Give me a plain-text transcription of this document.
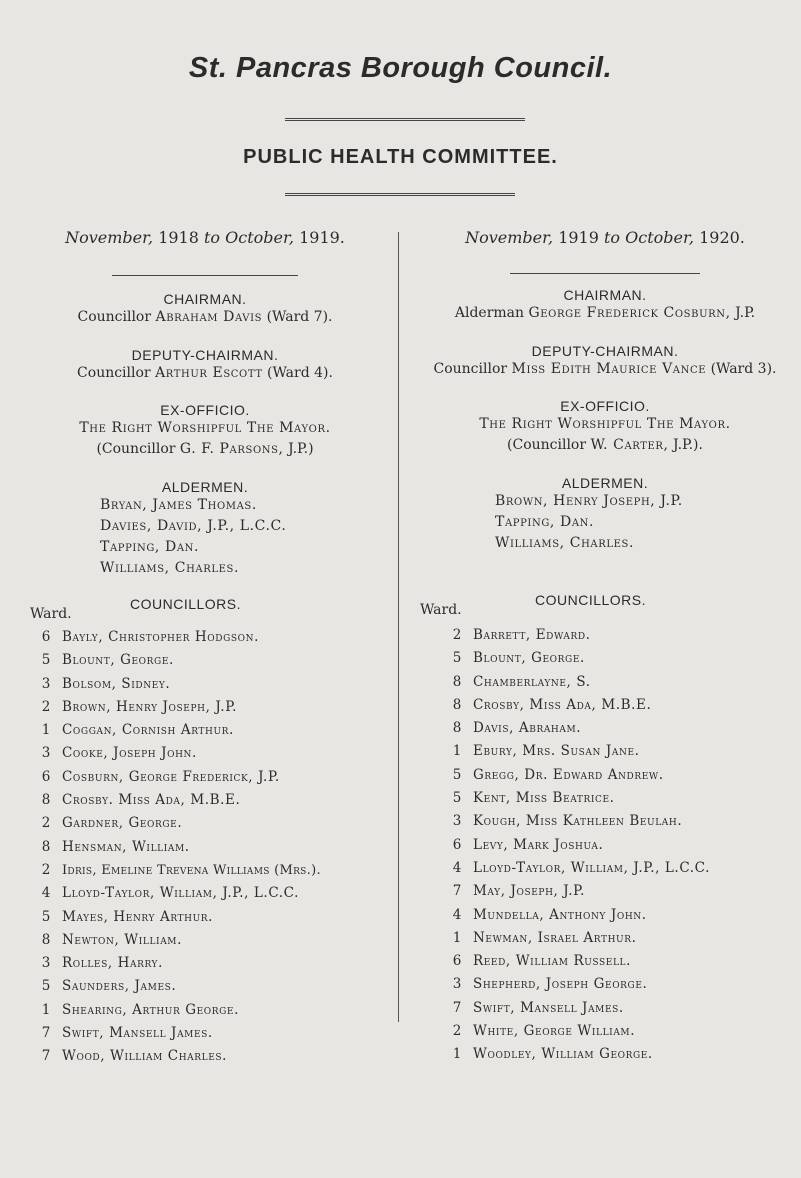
St. Pancras Borough Council.
PUBLIC HEALTH COMMITTEE.
November, 1918 to October, 1919.
CHAIRMAN.
Councillor Abraham Davis (Ward 7).
DEPUTY-CHAIRMAN.
Councillor Arthur Escott (Ward 4).
EX-OFFICIO.
The Right Worshipful The Mayor.
(Councillor G. F. Parsons, J.P.)
ALDERMEN.
Bryan, James Thomas.
Davies, David, J.P., L.C.C.
Tapping, Dan.
Williams, Charles.
COUNCILLORS.
Ward.
6 Bayly, Christopher Hodgson.
5 Blount, George.
3 Bolsom, Sidney.
2 Brown, Henry Joseph, J.P.
1 Coggan, Cornish Arthur.
3 Cooke, Joseph John.
6 Cosburn, George Frederick, J.P.
8 Crosby. Miss Ada, M.B.E.
2 Gardner, George.
8 Hensman, William.
2 Idris, Emeline Trevena Williams (Mrs.).
4 Lloyd-Taylor, William, J.P., L.C.C.
5 Mayes, Henry Arthur.
8 Newton, William.
3 Rolles, Harry.
5 Saunders, James.
1 Shearing, Arthur George.
7 Swift, Mansell James.
7 Wood, William Charles.
November, 1919 to October, 1920.
CHAIRMAN.
Alderman George Frederick Cosburn, J.P.
DEPUTY-CHAIRMAN.
Councillor Miss Edith Maurice Vance (Ward 3).
EX-OFFICIO.
The Right Worshipful The Mayor.
(Councillor W. Carter, J.P.).
ALDERMEN.
Brown, Henry Joseph, J.P.
Tapping, Dan.
Williams, Charles.
COUNCILLORS.
Ward.
2 Barrett, Edward.
5 Blount, George.
8 Chamberlayne, S.
8 Crosby, Miss Ada, M.B.E.
8 Davis, Abraham.
1 Ebury, Mrs. Susan Jane.
5 Gregg, Dr. Edward Andrew.
5 Kent, Miss Beatrice.
3 Kough, Miss Kathleen Beulah.
6 Levy, Mark Joshua.
4 Lloyd-Taylor, William, J.P., L.C.C.
7 May, Joseph, J.P.
4 Mundella, Anthony John.
1 Newman, Israel Arthur.
6 Reed, William Russell.
3 Shepherd, Joseph George.
7 Swift, Mansell James.
2 White, George William.
1 Woodley, William George.
